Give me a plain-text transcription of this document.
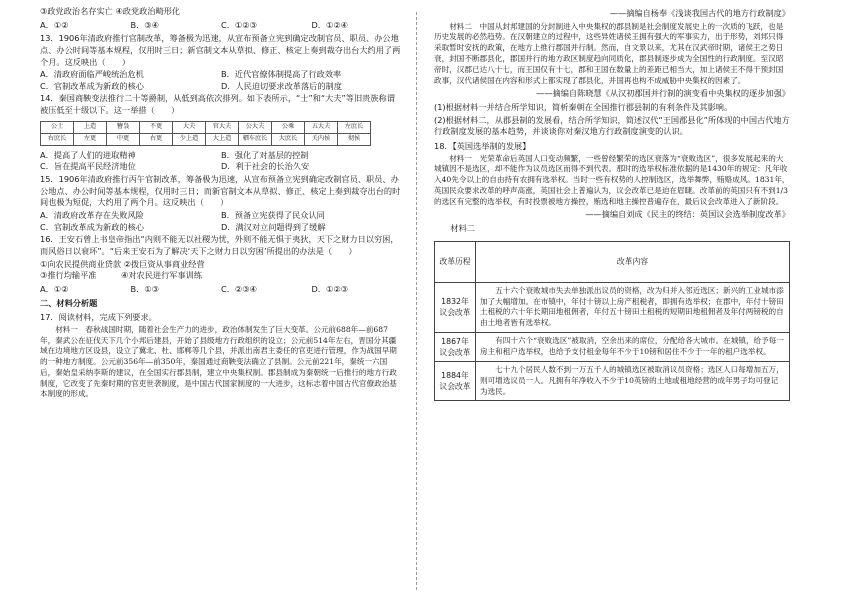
③政党政治名存实亡 ④政党政治畸形化

A．①②	B．③④	C．①②③	D．①②④

13．1906年清政府推行官制改革，筹备极为迅速，从宣布预备立宪到确定改制官员、职员、办公地点、办公时间等基本规程，仅用时三日；新官制文本从草拟、修正、核定上奏到裁夺出台大约用了两个月。这反映出（　　）

A．清政府面临严峻统治危机	B．近代官僚体制提高了行政效率
C．官制改革成为新政的核心	D．人民迫切要求改革落后的制度

14．秦国商鞅变法推行二十等爵制，从低到高依次排列。如下表所示，“士”和“大夫”等旧贵族称谓被压低至十级以下。这一举措（　　）

公士	上造	簪袅	不更	大夫	官大夫	公大夫	公乘	五大夫	左庶长
右庶长	左更	中更	右更	少上造	大上造	驷车庶长	大庶长	关内侯	彻侯
A．提高了人们的进取精神	B．强化了对基层的控制
C．旨在提高平民经济地位	D．利于社会的长治久安

15．1906年清政府推行丙午官制改革，筹备极为迅速，从宣布预备立宪到确定改制官员、职员、办公地点、办公时间等基本规程，仅用时三日；而新官制文本从草拟、修正、核定上奏到裁夺出台的时间也极为短促，大约用了两个月。这反映出（　　）

A．清政府改革存在失败风险	B．预备立宪获得了民众认同
C．官制改革成为新政的核心	D．满汉对立问题得到了缓解

16．王安石曾上书皇帝指出“内则不能无以社稷为忧，外则不能无惧于夷狄，天下之财力日以穷困，而风俗日以衰坏”。“后来王安石为了解决‘天下之财力日以穷困’所提出的办法是（　　）

①向农民提供商业贷款 ②拨巨资从事商业经营

③推行均输平准　　　④对农民进行军事训练

A．①②	B．①③	C．②③④	D．①②③

二、材料分析题

17．阅读材料，完成下列要求。

材料一　春秋战国时期，随着社会生产力的进步，政治体制发生了巨大变革。公元前688年—前687年，秦武公在征伐天下几个小邦后建县，开始了县级地方行政组织的设立；公元前514年左右，晋国分其疆域在边境地方区设县，设立了冀北、杜、邯郸等几个县，并派出南君主委任的官吏进行管理，作为战国早期的一种地方制度。公元前356年—前350年，秦国通过商鞅变法确立了县制。公元前221年，秦统一六国后，秦始皇采纳李斯的建议，在全国实行郡县制，建立中央集权制。郡县制成为秦朝统一后推行的地方行政制度，它改变了先秦时期的官吏世袭制度，是中国古代国家制度的一大进步，这标志着中国古代官僚政治基本制度的形成。

——摘编自杨奉《浅谈我国古代的地方行政制度》

材料二　中国从封邦建国的分封制进入中央集权的郡县制是社会制度发展史上的一次质的飞跃，也是历史发展的必然趋势。在汉朝建立的过程中，这些异姓诸侯王拥有强大的军事实力，出于形势，刘邦只得采取暂时安抚的政策，在地方上推行郡国并行制。然而，自文景以来，尤其在汉武帝时期，诸侯王之势日衰，封国不断郡县化，郡国并行的地方政区制度趋向同质化，郡县制逐步成为全国性的行政制度。至汉昭帝时，汉郡已达八十七，而王国仅有十七，郡和王国在数量上的差距已相当大，加上诸侯王不得干预封国政事，汉代诸侯国在内容和形式上都实现了郡县化，并国再也构不成威胁中央集权的因素了。

——摘编自陈晓慧《从汉初郡国并行制的演变看中央集权的逐步加强》

(1)根据材料一并结合所学知识，简析秦朝在全国推行郡县制的有利条件及其影响。

(2)根据材料二，从郡县制的发展看，结合所学知识，简述汉代“王国郡县化”所体现的中国古代地方行政制度发展的基本趋势，并谈谈你对秦汉地方行政制度演变的认识。

18．【英国选举制的发展】

材料一　光荣革命后英国人口变动频繁，一些曾经繁荣的选区衰落为“衰败选区”，很多发展起来的大城镇因不是选区，却不能作为议员选区而得不到代表。那时的选举权标准依据的是1430年的规定：凡年收入40先令以上的自由持有农拥有选举权。当时一些有权势的人控制选区，选举舞弊，贿赂成风。1831年，英国民众要求改革的呼声高涨，英国社会上普遍认为，议会改革已是迫在眉睫。改革前的英国只有不到1/3的选区有完整的选举权，有时投票被地方操控，贿选和地主操控普遍存在，最后议会改革进入了新阶段。

——摘编自刘成《民主的终结：英国议会选举制度改革》

材料二

改革历程	改革内容
1832年议会改革	五十六个衰败城市失去单独派出议员的资格，改为归并入邻近选区；新兴的工业城市添加了大幅增加。在市镇中，年付十镑以上房产租税者，即拥有选举权；在郡中，年付十镑田土租税的六十年长期田地租佣者，年付五十镑田土租税的短期田地租佣者及年付两镑税的自由土地者皆有选举权。
1867年议会改革	有四十六个“衰败选区”被取消，空余出来的席位，分配给各大城市。在城镇，给予每一房主和租户选举权，也给予支付租金每年不少于10镑和居住不少于一年的租户选举权。
1884年议会改革	七十九个居民人数不到一万五千人的城镇选区被取消议员资格；选区人口每增加五万，则可增选议员一人。凡拥有年净收入不少于10英镑的土地或租地经营的成年男子均可登记为选民。
